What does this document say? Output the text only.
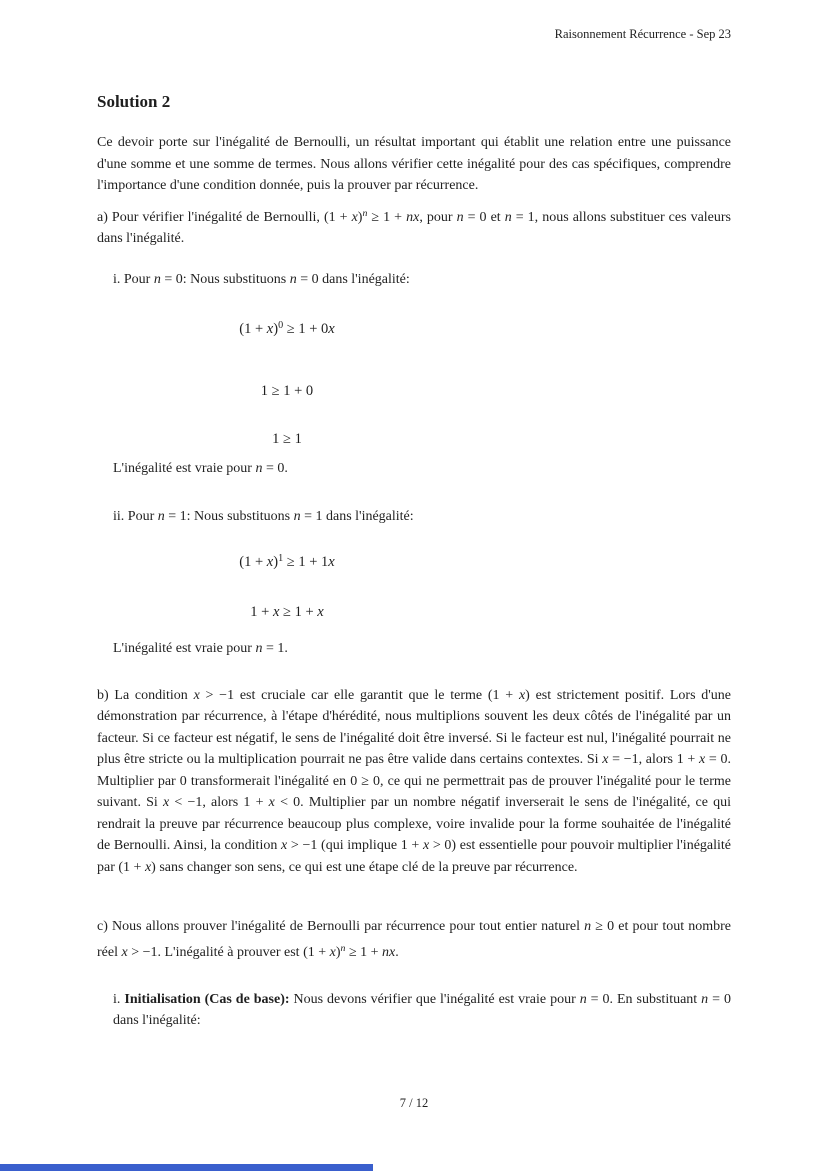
Raisonnement Récurrence - Sep 23
Solution 2

Ce devoir porte sur l'inégalité de Bernoulli, un résultat important qui établit une relation entre une puissance d'une somme et une somme de termes. Nous allons vérifier cette inégalité pour des cas spécifiques, comprendre l'importance d'une condition donnée, puis la prouver par récurrence.

a) Pour vérifier l'inégalité de Bernoulli, $(1 + x)^n \ge 1$ + nx, pour n = 0 et n = 1, nous allons substituer ces valeurs dans l'inégalité.

i. Pour n = 0: Nous substituons n = 0 dans l'inégalité:

$(1 + x)^0 \ge 1 + 0x$
1 ≥ 1 + 0
1 ≥ 1

L'inégalité est vraie pour n = 0.

ii. Pour n = 1: Nous substituons n = 1 dans l'inégalité:

$(1 + x)^1 \ge 1 + 1x$
1 + x ≥ 1 + x

L'inégalité est vraie pour n = 1.

b) La condition x > −1 est cruciale car elle garantit que le terme (1 + x) est strictement positif. Lors d'une démonstration par récurrence, à l'étape d'hérédité, nous multiplions souvent les deux côtés de l'inégalité par un facteur. Si ce facteur est négatif, le sens de l'inégalité doit être inversé. Si le facteur est nul, l'inégalité pourrait ne plus être stricte ou la multiplication pourrait ne pas être valide dans certains contextes. Si x = −1, alors 1 + x = 0. Multiplier par 0 transformerait l'inégalité en 0 ≥ 0, ce qui ne permettrait pas de prouver l'inégalité pour le terme suivant. Si x < −1, alors 1 + x < 0. Multiplier par un nombre négatif inverserait le sens de l'inégalité, ce qui rendrait la preuve par récurrence beaucoup plus complexe, voire invalide pour la forme souhaitée de l'inégalité de Bernoulli. Ainsi, la condition x > −1 (qui implique 1 + x > 0) est essentielle pour pouvoir multiplier l'inégalité par (1 + x) sans changer son sens, ce qui est une étape clé de la preuve par récurrence.

c) Nous allons prouver l'inégalité de Bernoulli par récurrence pour tout entier naturel n ≥ 0 et pour tout nombre réel x > −1. L'inégalité à prouver est $(1 + x)^n \ge 1$ + nx.

i. Initialisation (Cas de base): Nous devons vérifier que l'inégalité est vraie pour n = 0. En substituant n = 0 dans l'inégalité:

7 / 12
